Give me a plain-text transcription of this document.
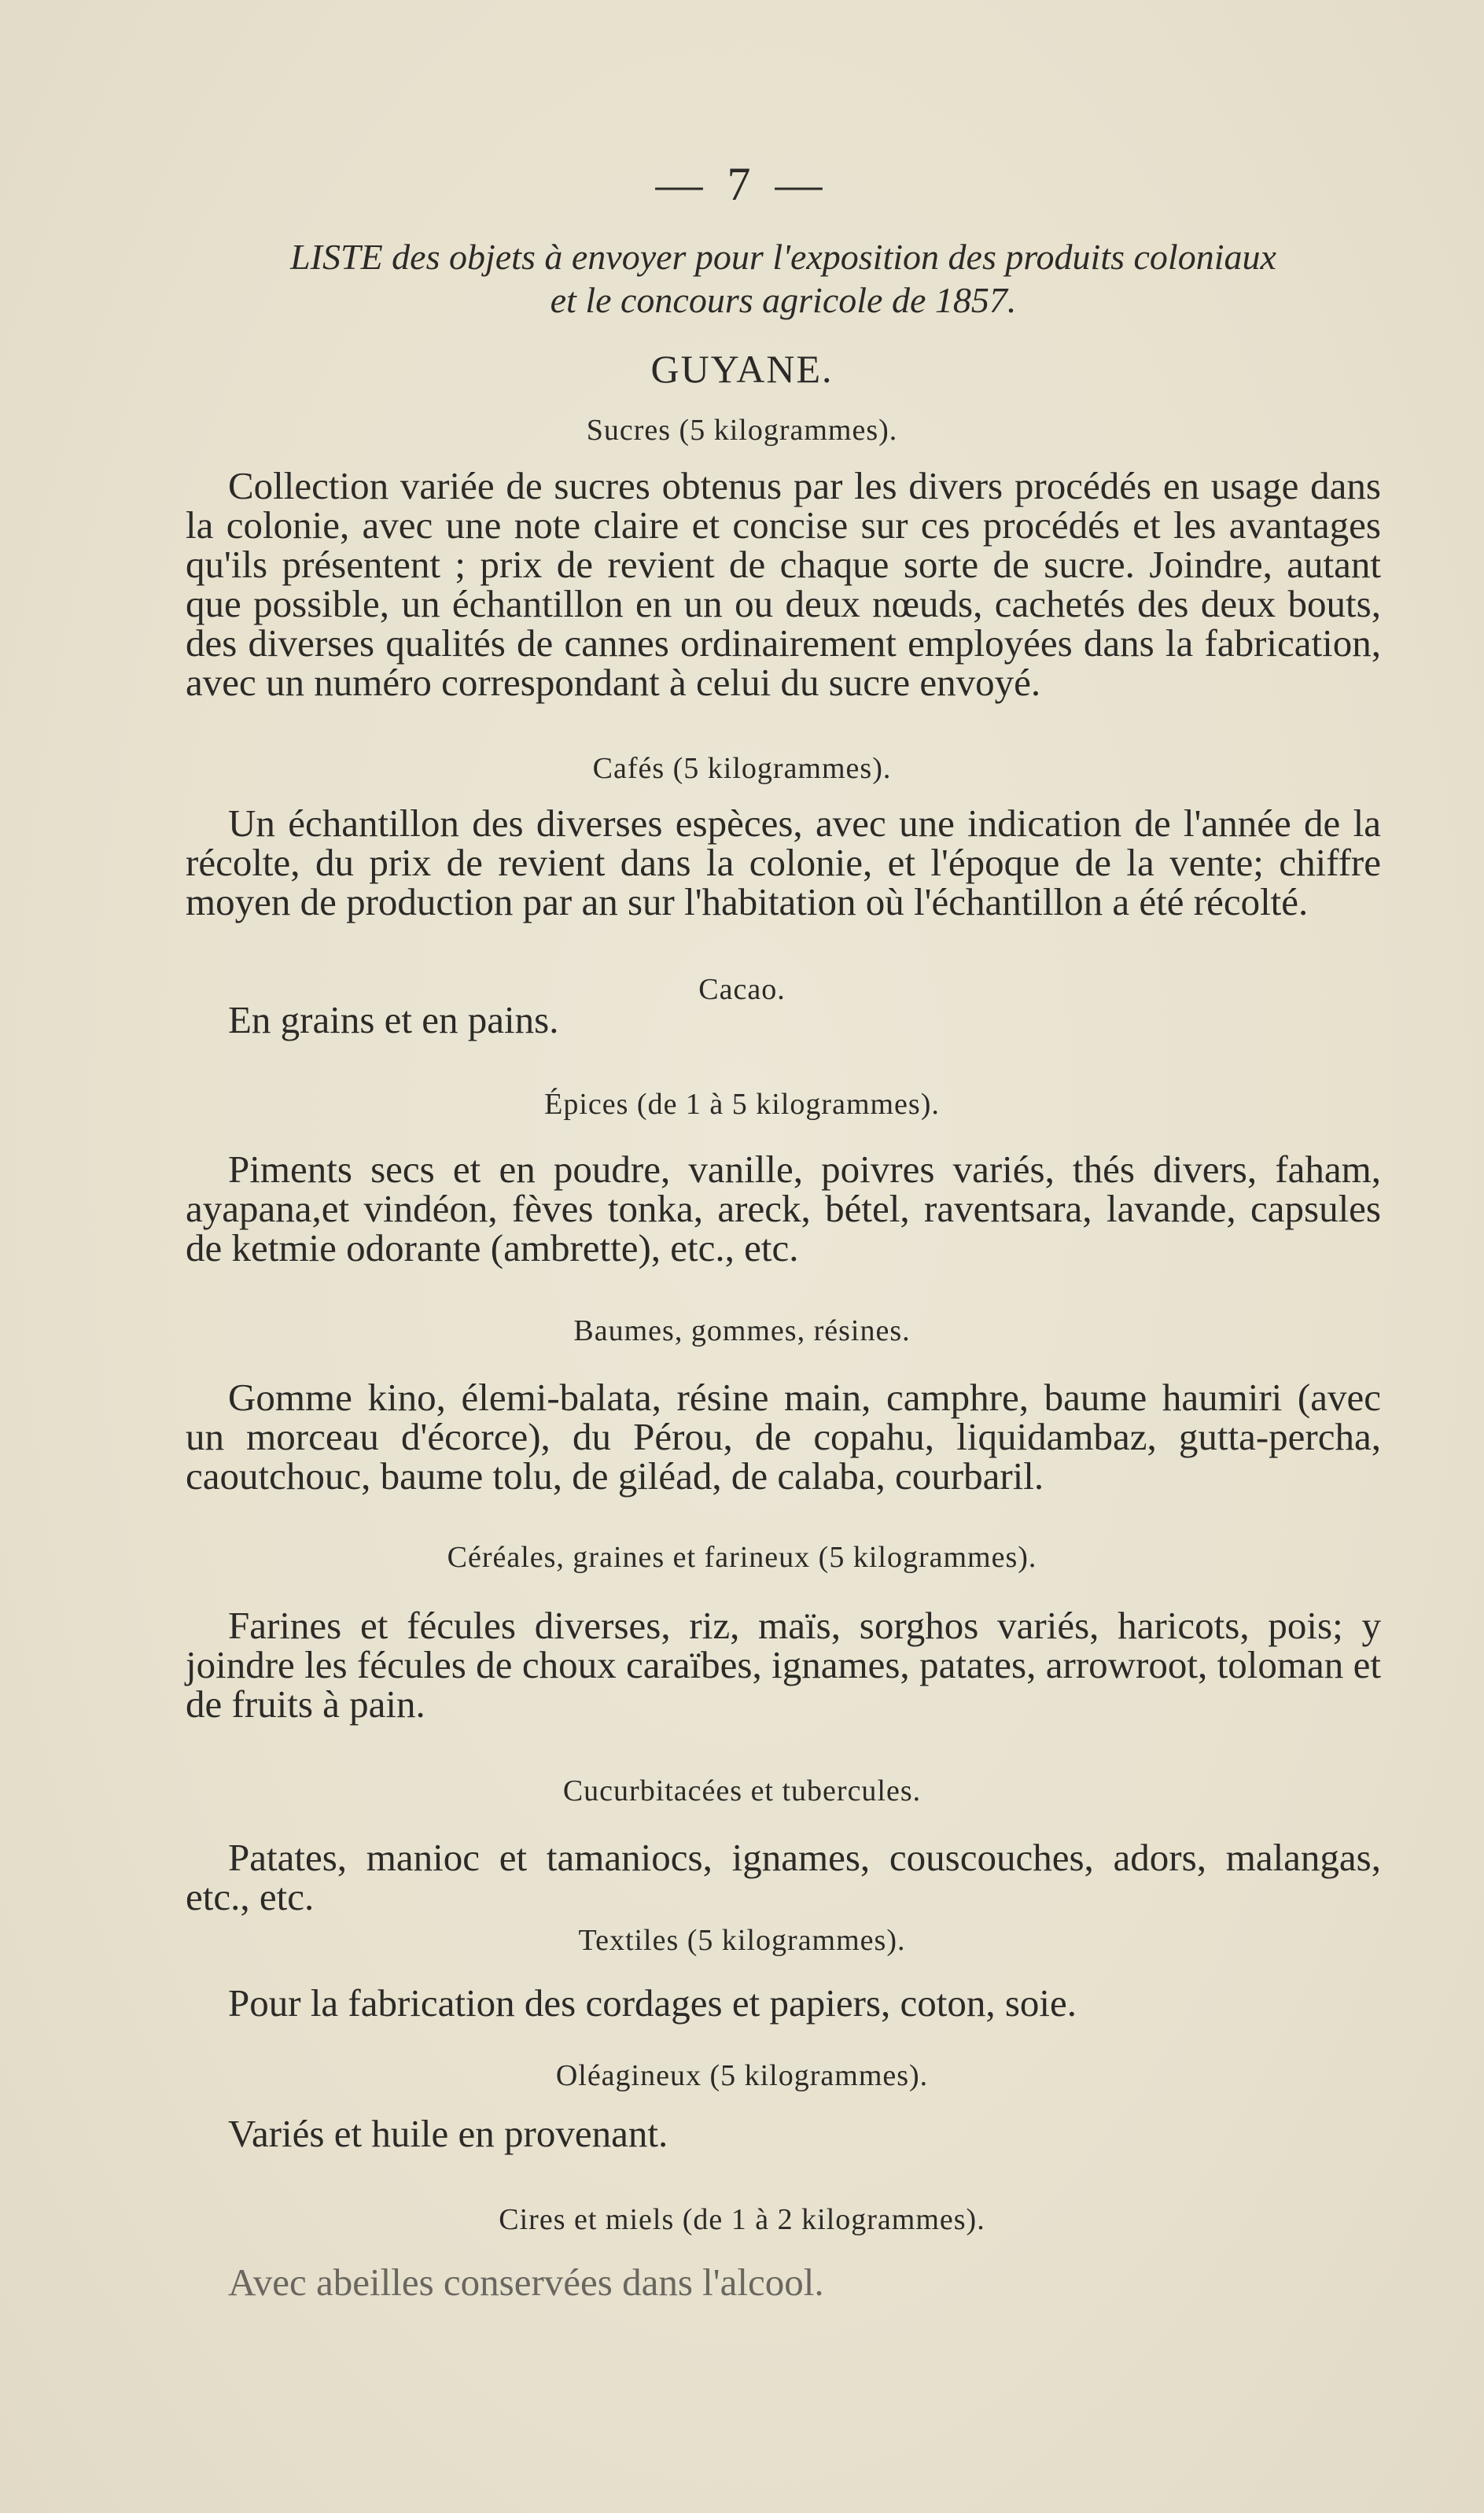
— 7 —
LISTE des objets à envoyer pour l'exposition des produits coloniaux
et le concours agricole de 1857.
GUYANE.
Sucres (5 kilogrammes).

Collection variée de sucres obtenus par les divers procédés en usage dans la colonie, avec une note claire et concise sur ces procédés et les avantages qu'ils présentent ; prix de revient de chaque sorte de sucre. Joindre, autant que possible, un échantillon en un ou deux nœuds, cachetés des deux bouts, des diverses qualités de cannes ordinairement employées dans la fabrication, avec un numéro correspondant à celui du sucre envoyé.

Cafés (5 kilogrammes).

Un échantillon des diverses espèces, avec une indication de l'année de la récolte, du prix de revient dans la colonie, et l'époque de la vente; chiffre moyen de production par an sur l'habitation où l'échantillon a été récolté.

Cacao.

En grains et en pains.

Épices (de 1 à 5 kilogrammes).

Piments secs et en poudre, vanille, poivres variés, thés divers, faham, ayapana,et vindéon, fèves tonka, areck, bétel, raventsara, lavande, capsules de ketmie odorante (ambrette), etc., etc.

Baumes, gommes, résines.

Gomme kino, élemi-balata, résine main, camphre, baume haumiri (avec un morceau d'écorce), du Pérou, de copahu, liquidambaz, gutta-percha, caoutchouc, baume tolu, de giléad, de calaba, courbaril.

Céréales, graines et farineux (5 kilogrammes).

Farines et fécules diverses, riz, maïs, sorghos variés, haricots, pois; y joindre les fécules de choux caraïbes, ignames, patates, arrowroot, toloman et de fruits à pain.

Cucurbitacées et tubercules.

Patates, manioc et tamaniocs, ignames, couscouches, adors, malangas, etc., etc.

Textiles (5 kilogrammes).

Pour la fabrication des cordages et papiers, coton, soie.

Oléagineux (5 kilogrammes).

Variés et huile en provenant.

Cires et miels (de 1 à 2 kilogrammes).

Avec abeilles conservées dans l'alcool.
